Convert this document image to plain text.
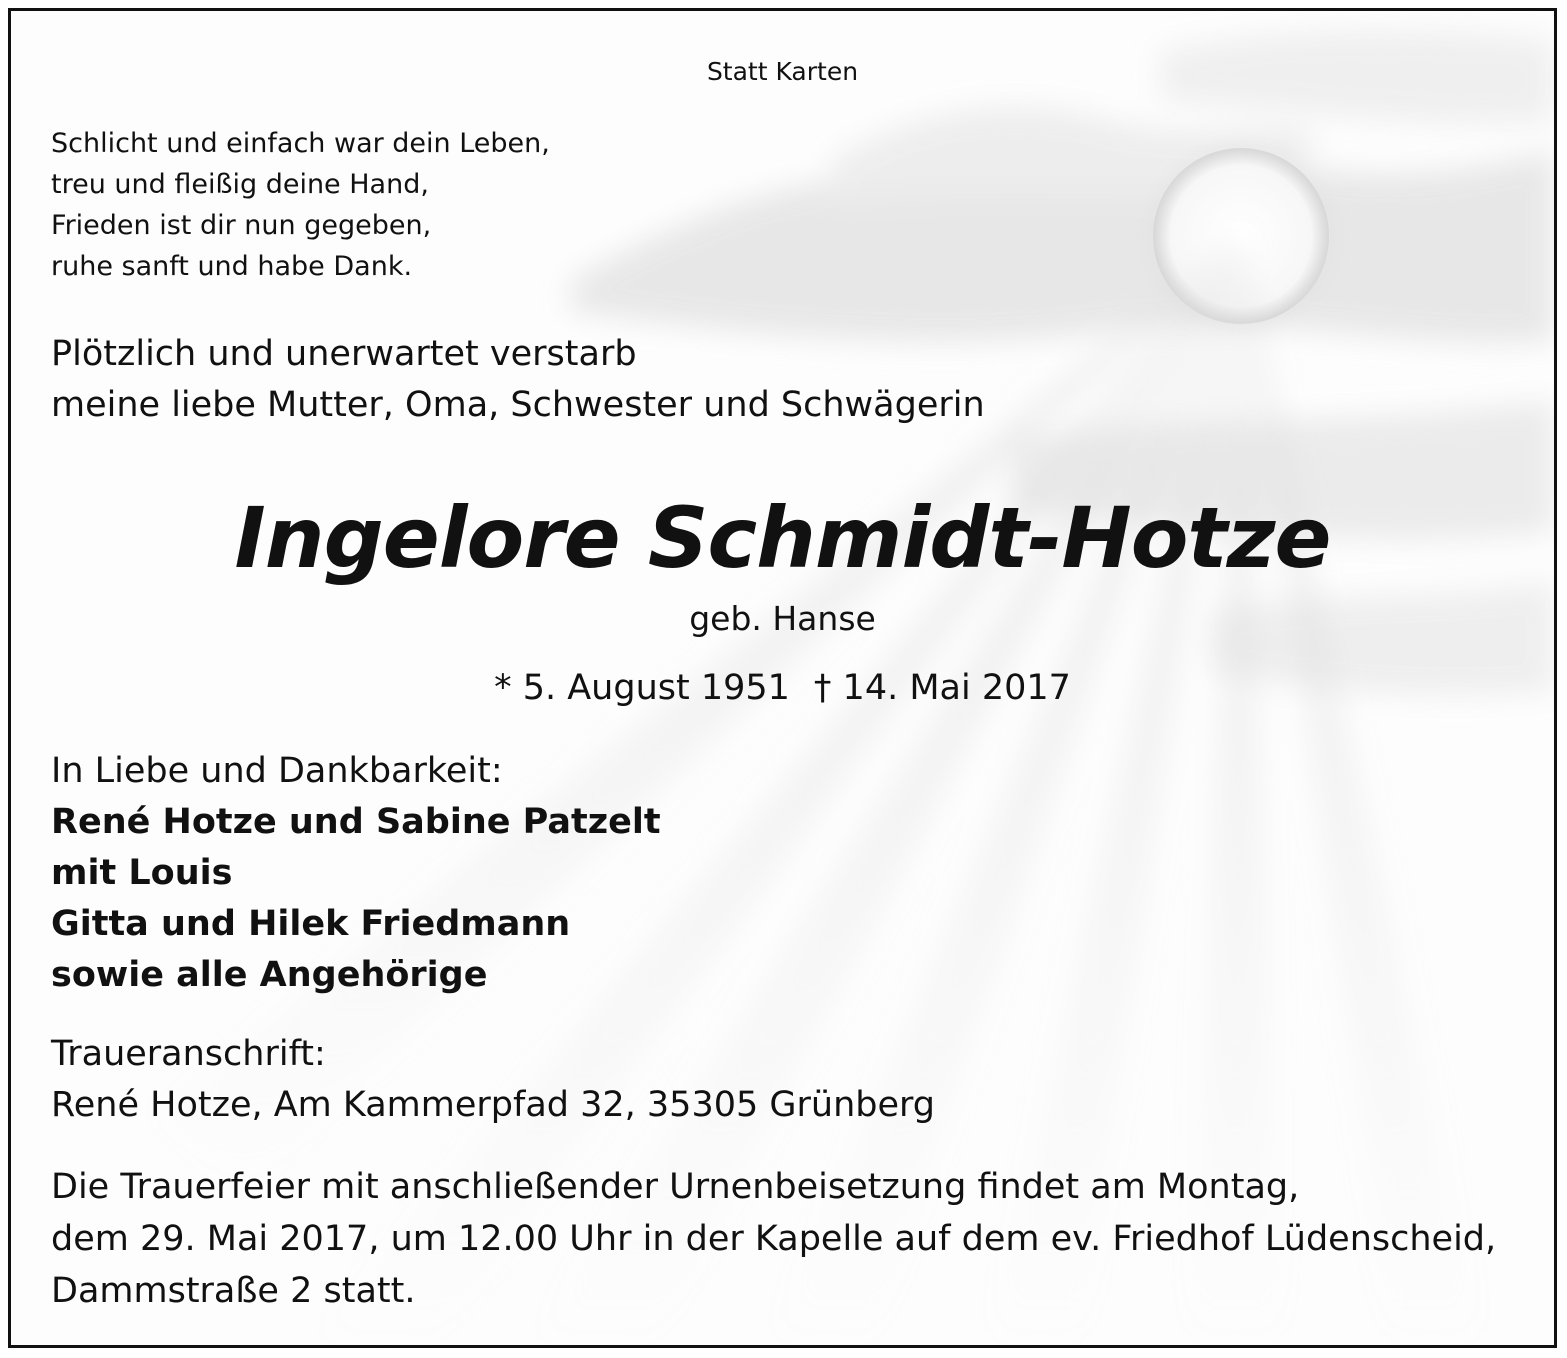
Statt Karten
Schlicht und einfach war dein Leben,
treu und fleißig deine Hand,
Frieden ist dir nun gegeben,
ruhe sanft und habe Dank.
Plötzlich und unerwartet verstarb
meine liebe Mutter, Oma, Schwester und Schwägerin
Ingelore Schmidt-Hotze
geb. Hanse
* 5. August 1951 † 14. Mai 2017
In Liebe und Dankbarkeit:
René Hotze und Sabine Patzelt
mit Louis
Gitta und Hilek Friedmann
sowie alle Angehörige
Traueranschrift:
René Hotze, Am Kammerpfad 32, 35305 Grünberg
Die Trauerfeier mit anschließender Urnenbeisetzung findet am Montag,
dem 29. Mai 2017, um 12.00 Uhr in der Kapelle auf dem ev. Friedhof Lüdenscheid,
Dammstraße 2 statt.
